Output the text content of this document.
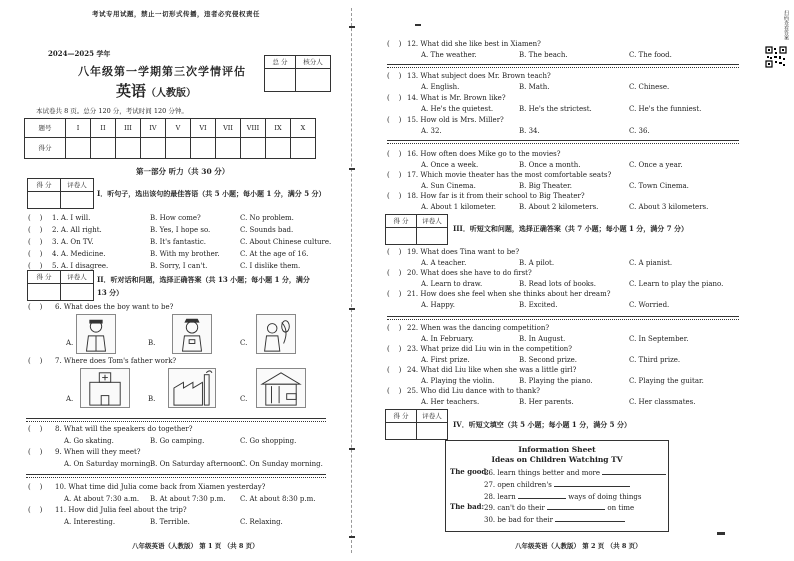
考试专用试题，禁止一切形式传播，违者必究侵权责任
2024—2025 学年
八年级第一学期第三次学情评估
英语（人教版）
总 分	核分人

本试卷共 8 页。总分 120 分，考试时间 120 分钟。
题号	I	II	III	IV	V	VI	VII	VIII	IX	X
得分										
第一部分 听力（共 30 分）
得 分	评卷人

I．听句子，选出该句的最佳答语（共 5 小题；每小题 1 分，满分 5 分）
(    ) 1. A. I will.	B. How come?	C. No problem.
(    ) 2. A. All right.	B. Yes, I hope so.	C. Sounds bad.
(    ) 3. A. On TV.	B. It's fantastic.	C. About Chinese culture.
(    ) 4. A. Medicine.	B. With my brother.	C. At the age of 16.
(    ) 5. A. I disagree.	B. Sorry, I can't.	C. I dislike them.
得 分	评卷人
	II．听对话和问题，选择正确答案（共 13 小题；每小题 1 分，满分
13 分）
(    ) 6. What does the boy want to be?
A.	B.	C.
(    ) 7. Where does Tom's father work?
A.	B.	C.
(    ) 8. What will the speakers do together?
A. Go skating.	B. Go camping.	C. Go shopping.
(    ) 9. When will they meet?
A. On Saturday morning.
B. On Saturday afternoon.
C. On Sunday morning.
(    ) 10. What time did Julia come back from Xiamen yesterday?
A. At about 7:30 a.m. B. At about 7:30 p.m. C. At about 8:30 p.m.
(    ) 11. How did Julia feel about the trip?
A. Interesting.	B. Terrible.	C. Relaxing.
八年级英语（人教版） 第 1 页 （共 8 页）
(    ) 12. What did she like best in Xiamen?
A. The weather.	B. The beach.	C. The food.
(    ) 13. What subject does Mr. Brown teach?
A. English.	B. Math.	C. Chinese.
(    ) 14. What is Mr. Brown like?
A. He's the quietest.	B. He's the strictest.	C. He's the funniest.
(    ) 15. How old is Mrs. Miller?
A. 32.	B. 34.	C. 36.
(    ) 16. How often does Mike go to the movies?
A. Once a week.	B. Once a month.	C. Once a year.
(    ) 17. Which movie theater has the most comfortable seats?
A. Sun Cinema.	B. Big Theater.	C. Town Cinema.
(    ) 18. How far is it from their school to Big Theater?
A. About 1 kilometer.	B. About 2 kilometers.	C. About 3 kilometers.
得 分	评卷人

III．听短文和问题，选择正确答案（共 7 小题；每小题 1 分，满分 7 分）
(    ) 19. What does Tina want to be?
A. A teacher.	B. A pilot.	C. A pianist.
(    ) 20. What does she have to do first?
A. Learn to draw.	B. Read lots of books.	C. Learn to play the piano.
(    ) 21. How does she feel when she thinks about her dream?
A. Happy.	B. Excited.	C. Worried.
(    ) 22. When was the dancing competition?
A. In February.	B. In August.	C. In September.
(    ) 23. What prize did Liu win in the competition?
A. First prize.	B. Second prize.	C. Third prize.
(    ) 24. What did Liu like when she was a little girl?
A. Playing the violin.	B. Playing the piano.	C. Playing the guitar.
(    ) 25. Who did Liu dance with to thank?
A. Her teachers.	B. Her parents.	C. Her classmates.
得 分	评卷人

IV．听短文填空（共 5 小题；每小题 1 分，满分 5 分）
Information Sheet
Ideas on Children Watching TV
The good:
26. learn things better and more
27. open children's
28. learn	ways of doing things
The bad: 29. can't do their	on time
30. be bad for their
八年级英语（人教版） 第 2 页 （共 8 页）
扫码查看答案
